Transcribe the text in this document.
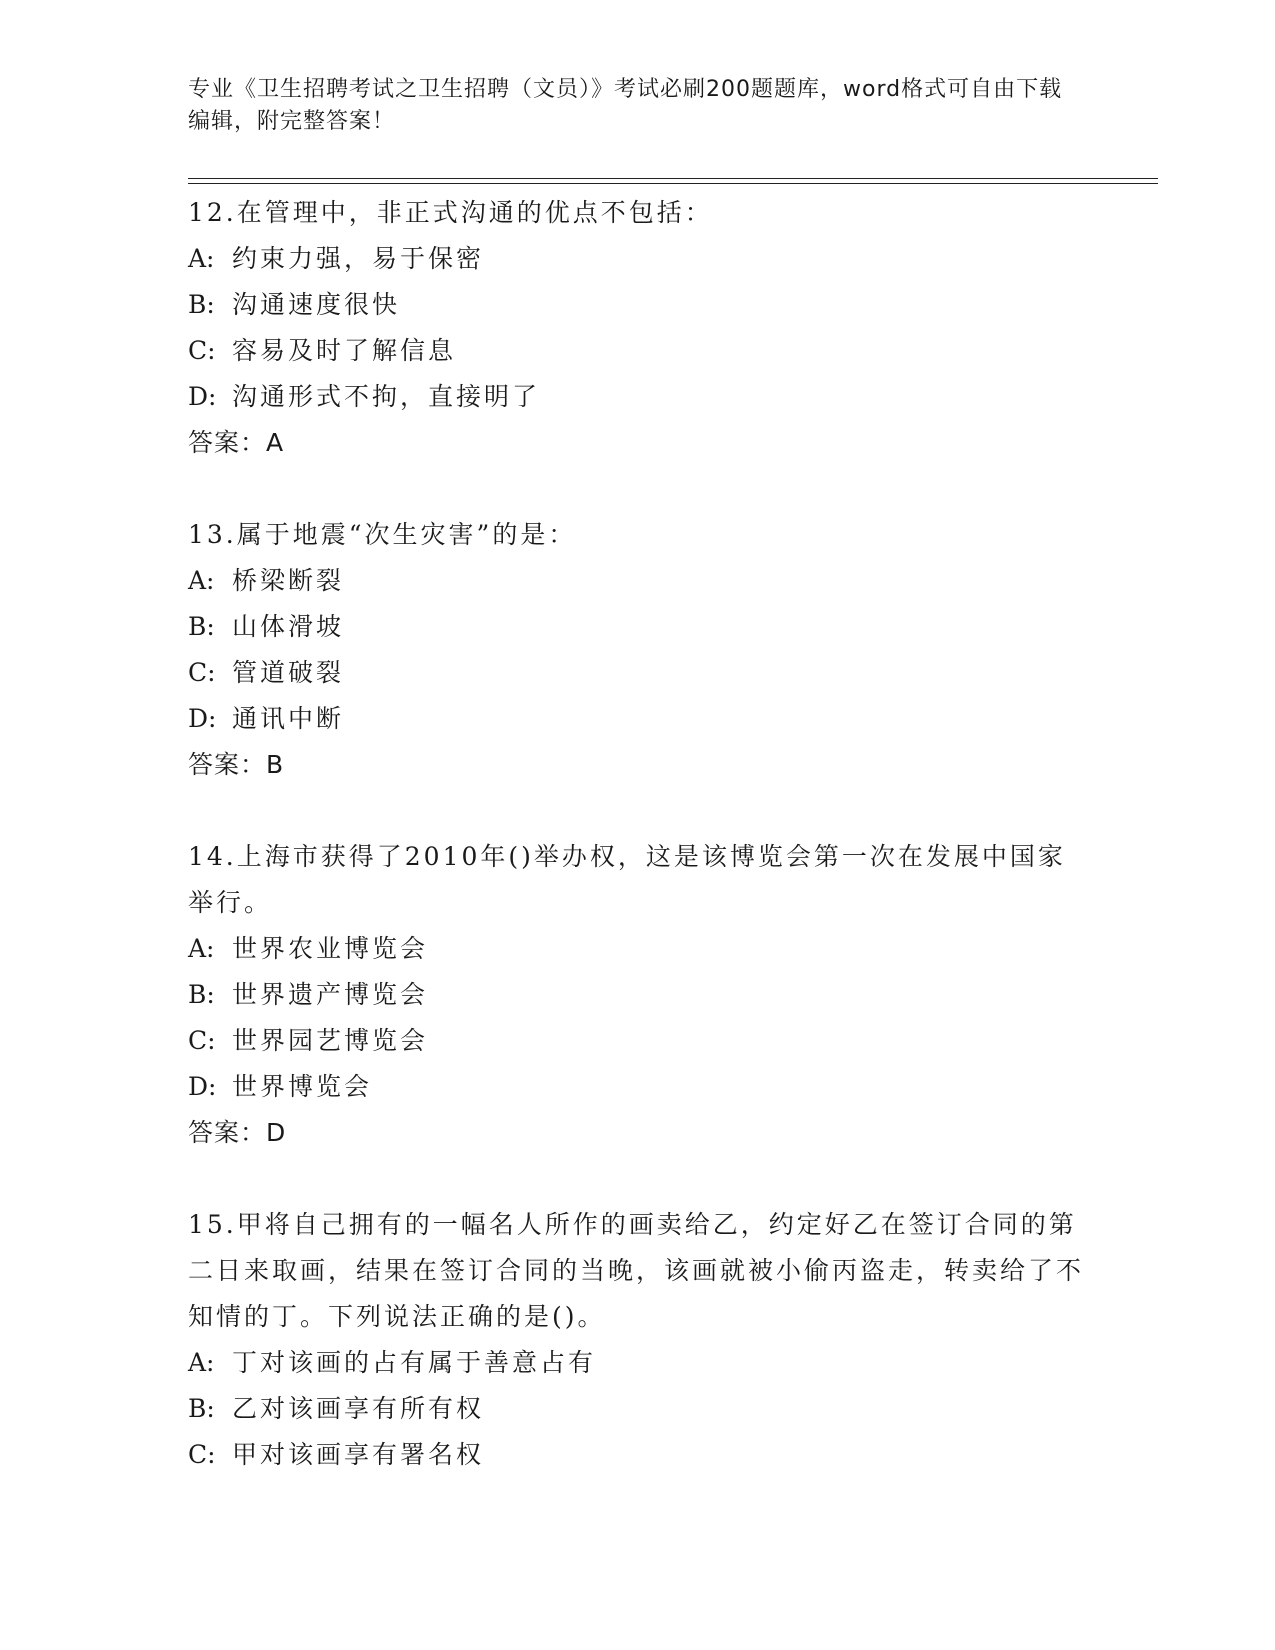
专业《卫生招聘考试之卫生招聘（文员）》考试必刷200题题库，word格式可自由下载编辑，附完整答案！
12.在管理中，非正式沟通的优点不包括：
A: 约束力强，易于保密
B: 沟通速度很快
C: 容易及时了解信息
D: 沟通形式不拘，直接明了
答案：A
13.属于地震“次生灾害”的是：
A: 桥梁断裂
B: 山体滑坡
C: 管道破裂
D: 通讯中断
答案：B
14.上海市获得了2010年()举办权，这是该博览会第一次在发展中国家举行。
A: 世界农业博览会
B: 世界遗产博览会
C: 世界园艺博览会
D: 世界博览会
答案：D
15.甲将自己拥有的一幅名人所作的画卖给乙，约定好乙在签订合同的第二日来取画，结果在签订合同的当晚，该画就被小偷丙盗走，转卖给了不知情的丁。下列说法正确的是()。
A: 丁对该画的占有属于善意占有
B: 乙对该画享有所有权
C: 甲对该画享有署名权
